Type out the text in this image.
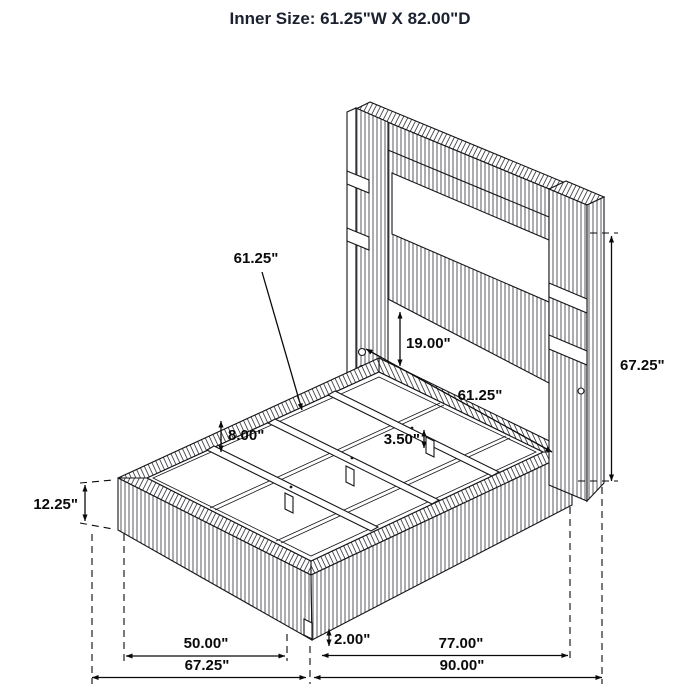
Inner Size: 61.25"W X 82.00"D
61.25"
19.00"
61.25"
8.00"	3.50"
67.25"
12.25"
2.00"
50.00"
67.25"
77.00"
90.00"
